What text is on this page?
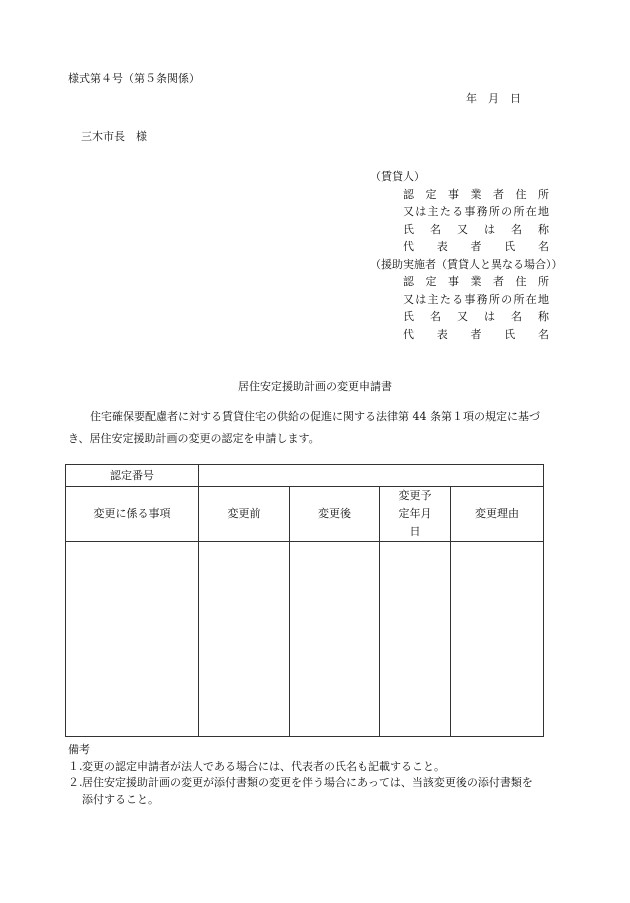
様式第４号（第５条関係）
年　月　日
三木市長　様
（賃貸人）
認定事業者住所
又は主たる事務所の所在地
氏名又は名称
代表者氏名
（援助実施者（賃貸人と異なる場合））
認定事業者住所
又は主たる事務所の所在地
氏名又は名称
代表者氏名
居住安定援助計画の変更申請書
住宅確保要配慮者に対する賃貸住宅の供給の促進に関する法律第 44 条第１項の規定に基づき、居住安定援助計画の変更の認定を申請します。
認定番号				
変更に係る事項	変更前	変更後	変更予定年月日	変更理由

備考
１.変更の認定申請者が法人である場合には、代表者の氏名も記載すること。
２.居住安定援助計画の変更が添付書類の変更を伴う場合にあっては、当該変更後の添付書類を
添付すること。
